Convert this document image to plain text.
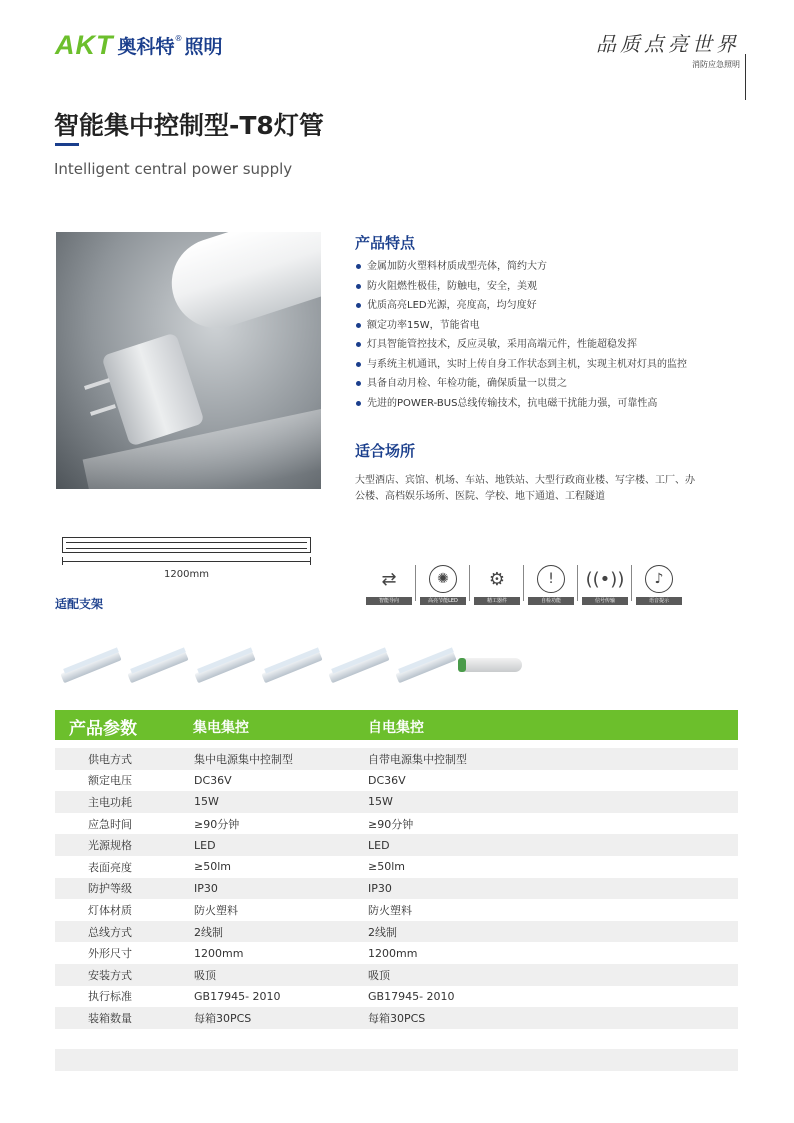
AKT 奥科特 ® 照明	品质点亮世界
消防应急照明
智能集中控制型-T8灯管
Intelligent central power supply
产品特点
金属加防火塑料材质成型壳体，简约大方
防火阻燃性极佳，防触电，安全，美观
优质高亮LED光源，亮度高，均匀度好
额定功率15W，节能省电
灯具智能管控技术，反应灵敏，采用高端元件，性能超稳发挥
与系统主机通讯，实时上传自身工作状态到主机，实现主机对灯具的监控
具备自动月检、年检功能，确保质量一以贯之
先进的POWER-BUS总线传输技术，抗电磁干扰能力强，可靠性高
适合场所
大型酒店、宾馆、机场、车站、地铁站、大型行政商业楼、写字楼、工厂、办公楼、高档娱乐场所、医院、学校、地下通道、工程隧道
1200mm	⇄
智能导向
✺
高亮节能LED
⚙
精工器件
!
自检功能
((•))
信号传输
♪
语音提示
适配支架
产品参数	集电集控	自电集控
供电方式	集中电源集中控制型	自带电源集中控制型
额定电压	DC36V	DC36V
主电功耗	15W	15W
应急时间	≥90分钟	≥90分钟
光源规格	LED	LED
表面亮度	≥50lm	≥50lm
防护等级	IP30	IP30
灯体材质	防火塑料	防火塑料
总线方式	2线制	2线制
外形尺寸	1200mm	1200mm
安装方式	吸顶	吸顶
执行标准	GB17945- 2010	GB17945- 2010
装箱数量	每箱30PCS	每箱30PCS
